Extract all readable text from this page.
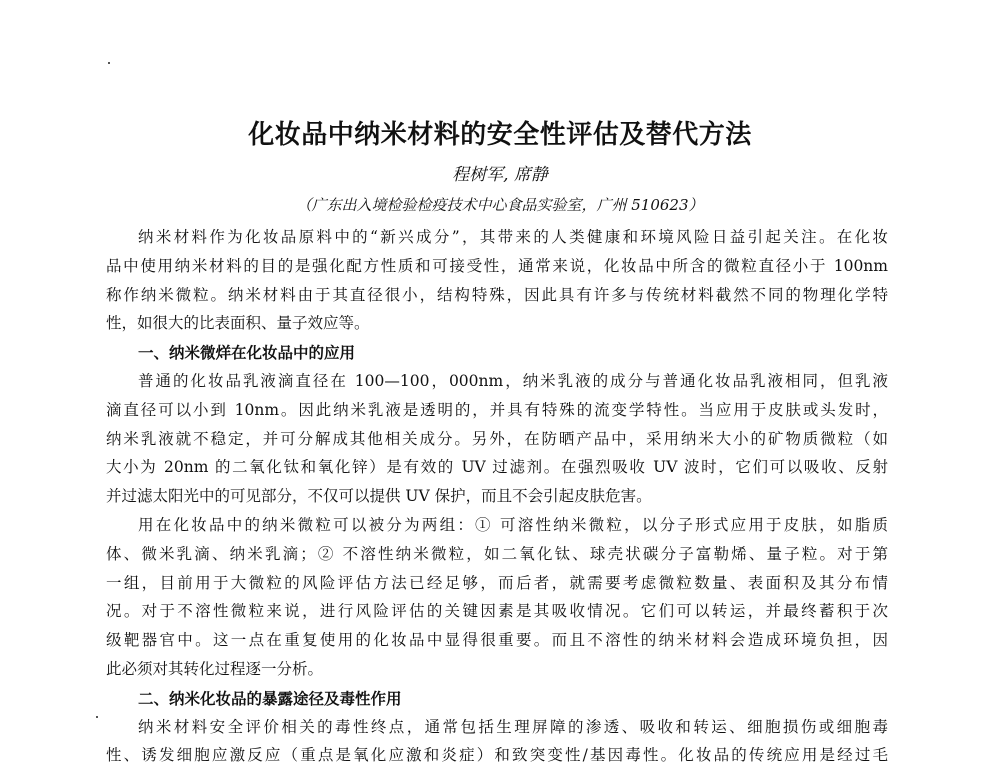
化妆品中纳米材料的安全性评估及替代方法
程树军, 席静
（广东出入境检验检疫技术中心食品实验室，广州 510623）
纳米材料作为化妆品原料中的“新兴成分”，其带来的人类健康和环境风险日益引起关注。在化妆
品中使用纳米材料的目的是强化配方性质和可接受性，通常来说，化妆品中所含的微粒直径小于 100nm
称作纳米微粒。纳米材料由于其直径很小，结构特殊，因此具有许多与传统材料截然不同的物理化学特
性，如很大的比表面积、量子效应等。
一、纳米微烊在化妆品中的应用
普通的化妆品乳液滴直径在 100—100，000nm，纳米乳液的成分与普通化妆品乳液相同，但乳液
滴直径可以小到 10nm。因此纳米乳液是透明的，并具有特殊的流变学特性。当应用于皮肤或头发时，
纳米乳液就不稳定，并可分解成其他相关成分。另外，在防晒产品中，采用纳米大小的矿物质微粒（如
大小为 20nm 的二氧化钛和氧化锌）是有效的 UV 过滤剂。在强烈吸收 UV 波时，它们可以吸收、反射
并过滤太阳光中的可见部分，不仅可以提供 UV 保护，而且不会引起皮肤危害。
用在化妆品中的纳米微粒可以被分为两组：① 可溶性纳米微粒，以分子形式应用于皮肤，如脂质
体、微米乳滴、纳米乳滴；② 不溶性纳米微粒，如二氧化钛、球壳状碳分子富勒烯、量子粒。对于第
一组，目前用于大微粒的风险评估方法已经足够，而后者，就需要考虑微粒数量、表面积及其分布情
况。对于不溶性微粒来说，进行风险评估的关键因素是其吸收情况。它们可以转运，并最终蓄积于次
级靶器官中。这一点在重复使用的化妆品中显得很重要。而且不溶性的纳米材料会造成环境负担，因
此必须对其转化过程逐一分析。
二、纳米化妆品的暴露途径及毒性作用
纳米材料安全评价相关的毒性终点，通常包括生理屏障的渗透、吸收和转运、细胞损伤或细胞毒
性、诱发细胞应激反应（重点是氧化应激和炎症）和致突变性/基因毒性。化妆品的传统应用是经过毛
